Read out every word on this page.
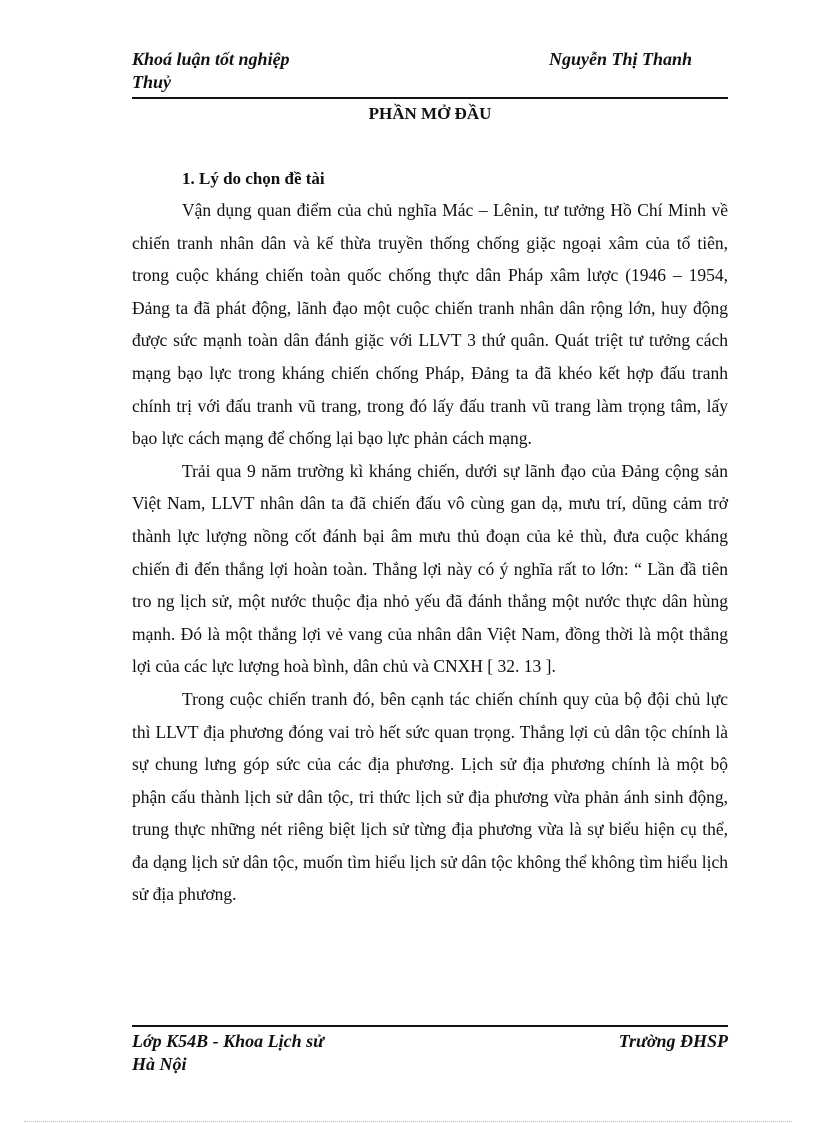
Khoá luận tốt nghiệp
Thuỷ
Nguyễn Thị Thanh
PHẦN MỞ ĐẦU
1. Lý do chọn đề tài

Vận dụng quan điểm của chủ nghĩa Mác – Lênin, tư tưởng Hồ Chí Minh về chiến tranh nhân dân và kế thừa truyền thống chống giặc ngoại xâm của tổ tiên, trong cuộc kháng chiến toàn quốc chống thực dân Pháp xâm lược (1946 – 1954, Đảng ta đã phát động, lãnh đạo một cuộc chiến tranh nhân dân rộng lớn, huy động được sức mạnh toàn dân đánh giặc với LLVT 3 thứ quân. Quát triệt tư tưởng cách mạng bạo lực trong kháng chiến chống Pháp, Đảng ta đã khéo kết hợp đấu tranh chính trị với đấu tranh vũ trang, trong đó lấy đấu tranh vũ trang làm trọng tâm, lấy bạo lực cách mạng để chống lại bạo lực phản cách mạng.

Trải qua 9 năm trường kì kháng chiến, dưới sự lãnh đạo của Đảng cộng sản Việt Nam, LLVT nhân dân ta đã chiến đấu vô cùng gan dạ, mưu trí, dũng cảm trở thành lực lượng nồng cốt đánh bại âm mưu thủ đoạn của kẻ thù, đưa cuộc kháng chiến đi đến thắng lợi hoàn toàn. Thắng lợi này có ý nghĩa rất to lớn: “ Lần đầ tiên tro ng lịch sử, một nước thuộc địa nhỏ yếu đã đánh thắng một nước thực dân hùng mạnh. Đó là một thắng lợi vẻ vang của nhân dân Việt Nam, đồng thời là một thắng lợi của các lực lượng hoà bình, dân chủ và CNXH [ 32. 13 ].

Trong cuộc chiến tranh đó, bên cạnh tác chiến chính quy của bộ đội chủ lực thì LLVT địa phương đóng vai trò hết sức quan trọng. Thắng lợi củ dân tộc chính là sự chung lưng góp sức của các địa phương. Lịch sử địa phương chính là một bộ phận cấu thành lịch sử dân tộc, tri thức lịch sử địa phương vừa phản ánh sinh động, trung thực những nét riêng biệt lịch sử từng địa phương vừa là sự biểu hiện cụ thể, đa dạng lịch sử dân tộc, muốn tìm hiểu lịch sử dân tộc không thể không tìm hiểu lịch sử địa phương.

Lớp K54B - Khoa Lịch sử
Hà Nội
Trường ĐHSP
